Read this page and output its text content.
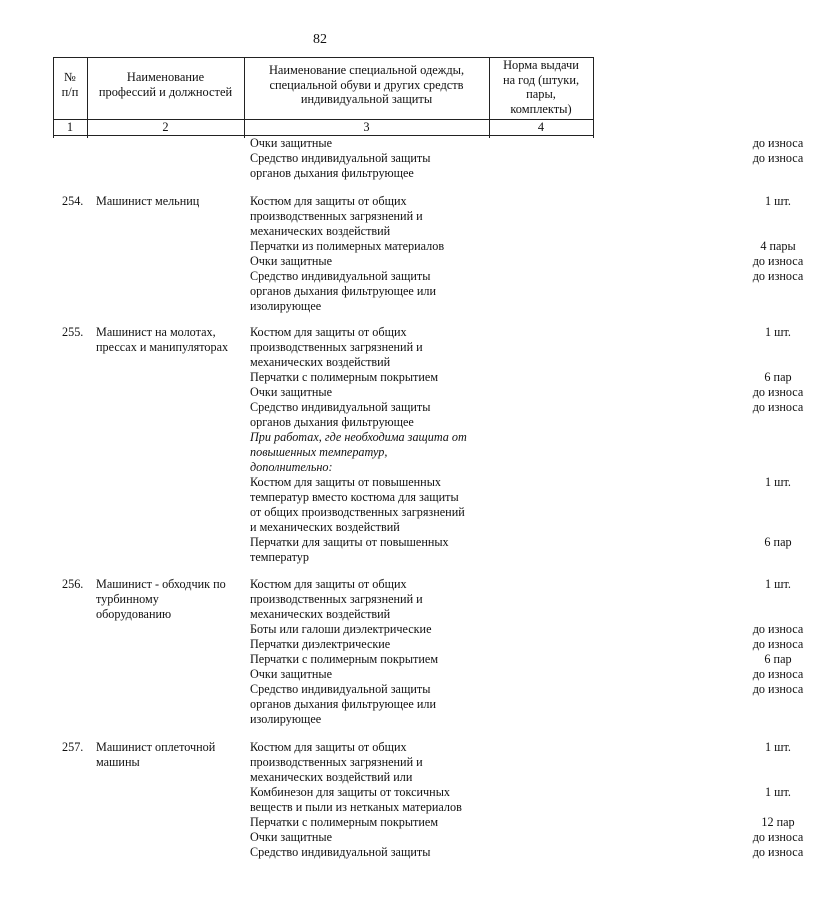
82
№
п/п
Наименование
профессий и должностей
Наименование специальной одежды,
специальной обуви и других средств
индивидуальной защиты
Норма выдачи
на год (штуки,
пары,
комплекты)
1	2	3	4
Очки защитные	до износа
Средство индивидуальной защиты	до износа
органов дыхания фильтрующее
254. Машинист мельниц	Костюм для защиты от общих	1 шт.
производственных загрязнений и
механических воздействий
Перчатки из полимерных материалов	4 пары
Очки защитные	до износа
Средство индивидуальной защиты	до износа
органов дыхания фильтрующее или
изолирующее
255. Машинист на молотах,
прессах и манипуляторах
Костюм для защиты от общих	1 шт.
производственных загрязнений и
механических воздействий
Перчатки с полимерным покрытием	6 пар
Очки защитные	до износа
Средство индивидуальной защиты	до износа
органов дыхания фильтрующее
При работах, где необходима защита от
повышенных температур,
дополнительно:
Костюм для защиты от повышенных	1 шт.
температур вместо костюма для защиты
от общих производственных загрязнений
и механических воздействий
Перчатки для защиты от повышенных	6 пар
температур
256. Машинист - обходчик по
турбинному
оборудованию
Костюм для защиты от общих	1 шт.
производственных загрязнений и
механических воздействий
Боты или галоши диэлектрические	до износа
Перчатки диэлектрические	до износа
Перчатки с полимерным покрытием	6 пар
Очки защитные	до износа
Средство индивидуальной защиты	до износа
органов дыхания фильтрующее или
изолирующее
257. Машинист оплеточной
машины
Костюм для защиты от общих	1 шт.
производственных загрязнений и
механических воздействий или
Комбинезон для защиты от токсичных	1 шт.
веществ и пыли из нетканых материалов
Перчатки с полимерным покрытием	12 пар
Очки защитные	до износа
Средство индивидуальной защиты	до износа
